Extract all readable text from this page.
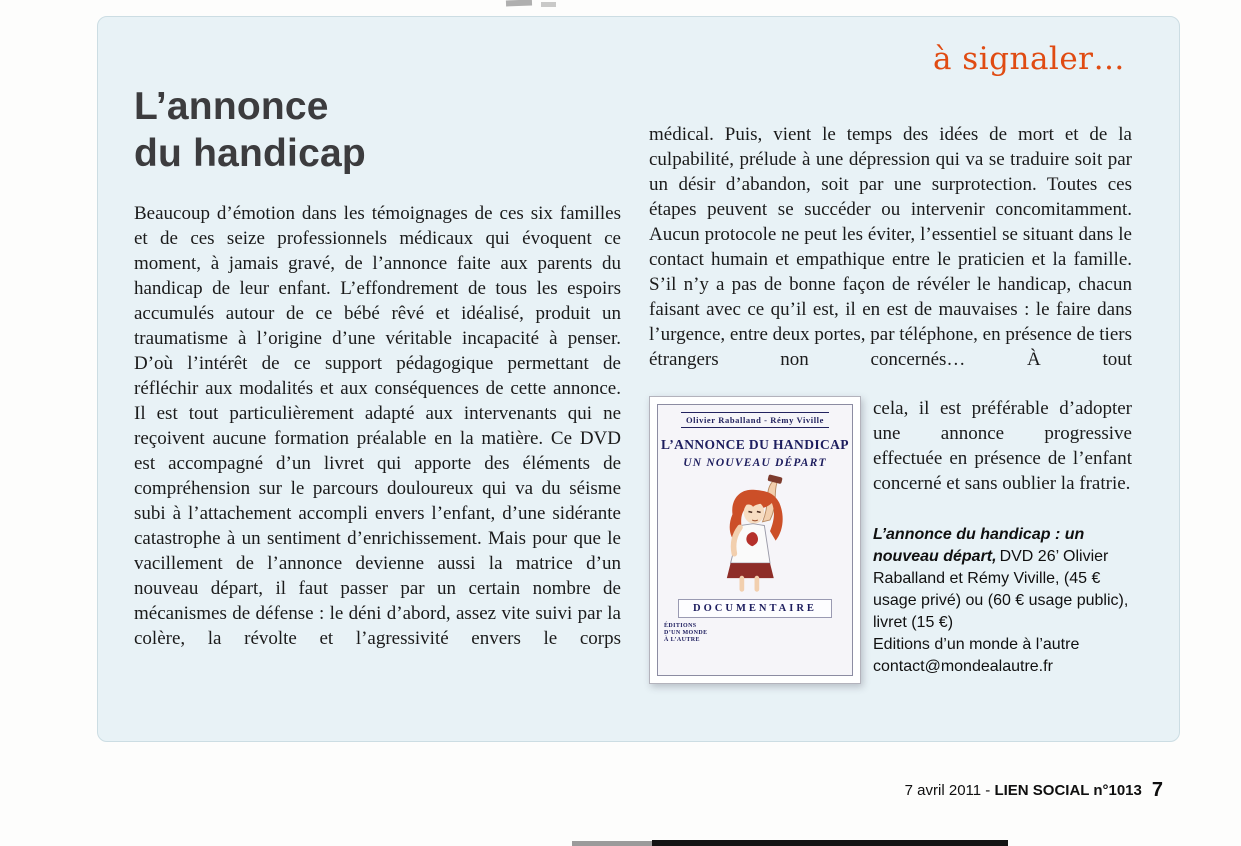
à signaler…
L’annonce
du handicap

Beaucoup d’émotion dans les témoignages de ces six familles et de ces seize professionnels médicaux qui évoquent ce moment, à jamais gravé, de l’annonce faite aux parents du handicap de leur enfant. L’effondrement de tous les espoirs accumulés autour de ce bébé rêvé et idéalisé, produit un traumatisme à l’origine d’une véritable incapacité à penser. D’où l’intérêt de ce support pédagogique permettant de réfléchir aux modalités et aux conséquences de cette annonce. Il est tout particulièrement adapté aux intervenants qui ne reçoivent aucune formation préalable en la matière. Ce DVD est accompagné d’un livret qui apporte des éléments de compréhension sur le parcours douloureux qui va du séisme subi à l’attachement accompli envers l’enfant, d’une sidérante catastrophe à un sentiment d’enrichissement. Mais pour que le vacillement de l’annonce devienne aussi la matrice d’un nouveau départ, il faut passer par un certain nombre de mécanismes de défense : le déni d’abord, assez vite suivi par la colère, la révolte et l’agressivité envers le corps

médical. Puis, vient le temps des idées de mort et de la culpabilité, prélude à une dépression qui va se traduire soit par un désir d’abandon, soit par une surprotection. Toutes ces étapes peuvent se succéder ou intervenir concomitamment. Aucun protocole ne peut les éviter, l’essentiel se situant dans le contact humain et empathique entre le praticien et la famille. S’il n’y a pas de bonne façon de révéler le handicap, chacun faisant avec ce qu’il est, il en est de mauvaises : le faire dans l’urgence, entre deux portes, par téléphone, en présence de tiers étrangers non concernés… À tout

Olivier Raballand - Rémy Viville
L’ANNONCE DU HANDICAP
UN NOUVEAU DÉPART
DOCUMENTAIRE
ÉDITIONS
D’UN MONDE
À L’AUTRE

cela, il est préférable d’adopter une annonce progressive effectuée en présence de l’enfant concerné et sans oublier la fratrie.

L’annonce du handicap : un nouveau départ, DVD 26’ Olivier Raballand et Rémy Viville, (45 € usage privé) ou (60 € usage public), livret (15 €)

Editions d’un monde à l’autre
contact@mondealautre.fr
7 avril 2011 - LIEN SOCIAL n°1013 7
